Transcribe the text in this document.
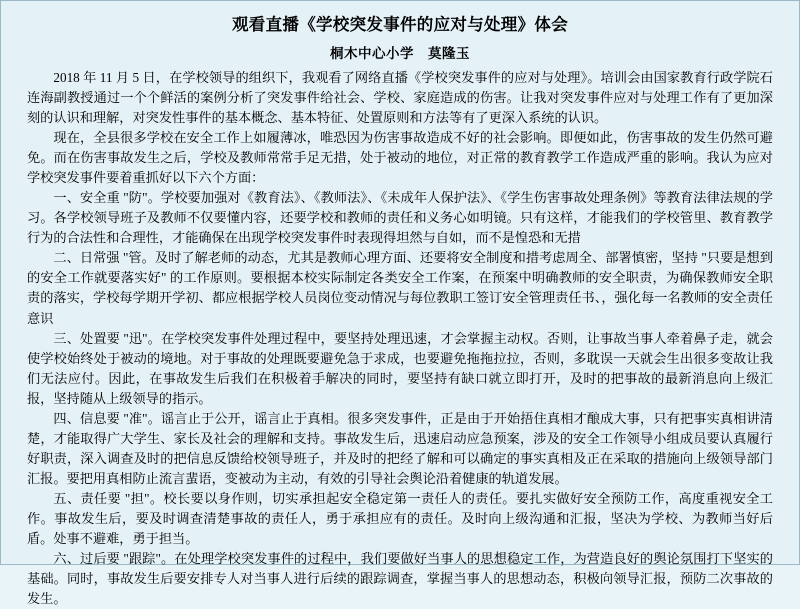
观看直播《学校突发事件的应对与处理》体会
桐木中心小学　莫隆玉

2018 年 11 月 5 日，在学校领导的组织下，我观看了网络直播《学校突发事件的应对与处理》。培训会由国家教育行政学院石连海副教授通过一个个鲜活的案例分析了突发事件给社会、学校、家庭造成的伤害。让我对突发事件应对与处理工作有了更加深刻的认识和理解，对突发性事件的基本概念、基本特征、处置原则和方法等有了更深入系统的认识。

现在，全县很多学校在安全工作上如履薄冰，唯恐因为伤害事故造成不好的社会影响。即便如此，伤害事故的发生仍然可避免。而在伤害事故发生之后，学校及教师常常手足无措，处于被动的地位，对正常的教育教学工作造成严重的影响。我认为应对学校突发事件要着重抓好以下六个方面：

一、安全重 "防"。学校要加强对《教育法》、《教师法》、《未成年人保护法》、《学生伤害事故处理条例》等教育法律法规的学习。各学校领导班子及教师不仅要懂内容，还要学校和教师的责任和义务心如明镜。只有这样，才能我们的学校管里、教育教学行为的合法性和合理性，才能确保在出现学校突发事件时表现得坦然与自如，而不是惶恐和无措

二、日常强 "管。及时了解老师的动态，尤其是教师心理方面、还要将安全制度和措考虑周全、部署慎密，坚持 "只要是想到的安全工作就要落实好" 的工作原则。要根据本校实际制定各类安全工作案，在预案中明确教师的安全职责，为确保教师安全职责的落实，学校每学期开学初、都应根据学校人员岗位变动情况与每位教职工签订安全管理责任书、，强化每一名教师的安全责任意识

三、处置要 "迅"。在学校突发事件处理过程中，要坚持处理迅速，才会掌握主动权。否则，让事故当事人牵着鼻子走，就会使学校始终处于被动的境地。对于事故的处理既要避免急于求成，也要避免拖拖拉拉，否则，多耽误一天就会生出很多变故让我们无法应付。因此，在事故发生后我们在积极着手解决的同时，要坚持有缺口就立即打开，及时的把事故的最新消息向上级汇报，坚持随从上级领导的指示。

四、信息要 "准"。谣言止于公开，谣言止于真相。很多突发事件，正是由于开始捂住真相才酿成大事，只有把事实真相讲清楚，才能取得广大学生、家长及社会的理解和支持。事故发生后，迅速启动应急预案，涉及的安全工作领导小组成员要认真履行好职责，深入调查及时的把信息反馈给校领导班子，并及时的把经了解和可以确定的事实真相及正在采取的措施向上级领导部门汇报。要把用真相防止流言蜚语，变被动为主动，有效的引导社会舆论沿着健康的轨道发展。

五、责任要 "担"。校长要以身作则，切实承担起安全稳定第一责任人的责任。要扎实做好安全预防工作，高度重视安全工作。事故发生后，要及时调查清楚事故的责任人，勇于承担应有的责任。及时向上级沟通和汇报，坚决为学校、为教师当好后盾。处事不避难，勇于担当。

六、过后要 "跟踪"。在处理学校突发事件的过程中，我们要做好当事人的思想稳定工作，为营造良好的舆论氛围打下坚实的基础。同时，事故发生后要安排专人对当事人进行后续的跟踪调查，掌握当事人的思想动态，积极向领导汇报，预防二次事故的发生。
